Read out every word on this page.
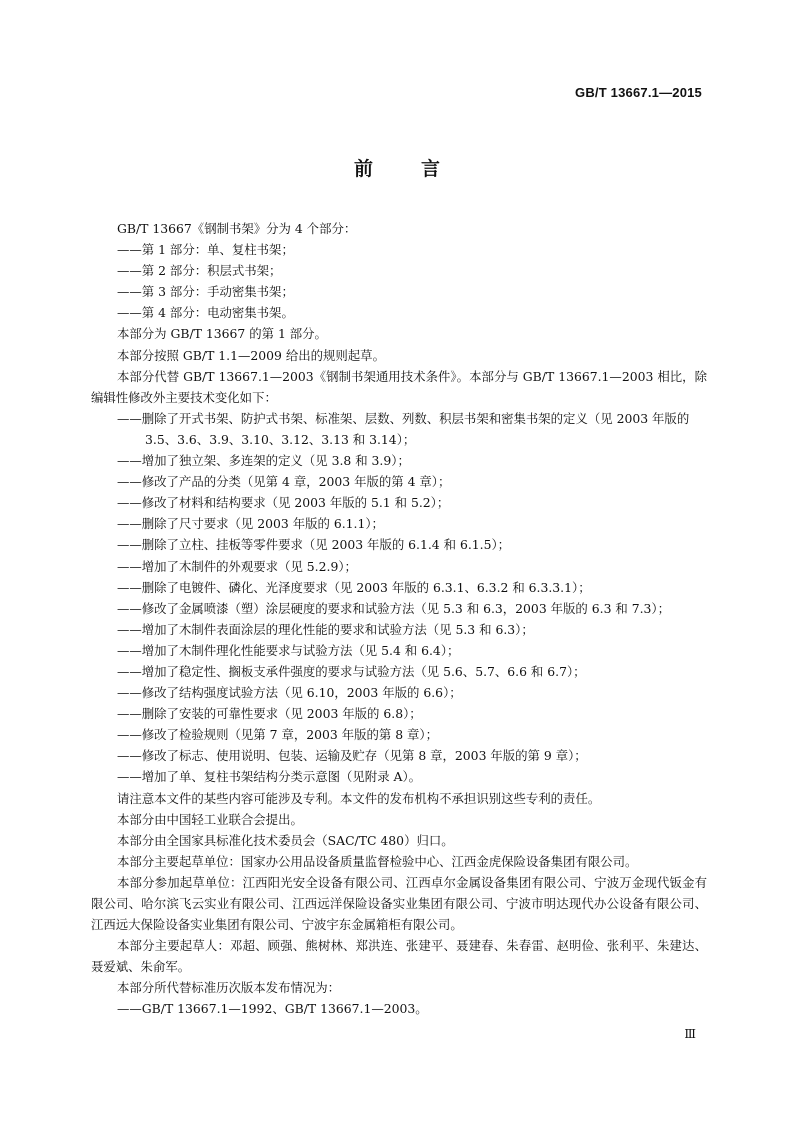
GB/T 13667.1—2015
前言

GB/T 13667《钢制书架》分为 4 个部分：

——第 1 部分：单、复柱书架；

——第 2 部分：积层式书架；

——第 3 部分：手动密集书架；

——第 4 部分：电动密集书架。

本部分为 GB/T 13667 的第 1 部分。

本部分按照 GB/T 1.1—2009 给出的规则起草。

本部分代替 GB/T 13667.1—2003《钢制书架通用技术条件》。本部分与 GB/T 13667.1—2003 相比，除编辑性修改外主要技术变化如下：

——删除了开式书架、防护式书架、标准架、层数、列数、积层书架和密集书架的定义（见 2003 年版的 3.5、3.6、3.9、3.10、3.12、3.13 和 3.14）；

——增加了独立架、多连架的定义（见 3.8 和 3.9）；

——修改了产品的分类（见第 4 章，2003 年版的第 4 章）；

——修改了材料和结构要求（见 2003 年版的 5.1 和 5.2）；

——删除了尺寸要求（见 2003 年版的 6.1.1）；

——删除了立柱、挂板等零件要求（见 2003 年版的 6.1.4 和 6.1.5）；

——增加了木制件的外观要求（见 5.2.9）；

——删除了电镀件、磷化、光泽度要求（见 2003 年版的 6.3.1、6.3.2 和 6.3.3.1）；

——修改了金属喷漆（塑）涂层硬度的要求和试验方法（见 5.3 和 6.3，2003 年版的 6.3 和 7.3）；

——增加了木制件表面涂层的理化性能的要求和试验方法（见 5.3 和 6.3）；

——增加了木制件理化性能要求与试验方法（见 5.4 和 6.4）；

——增加了稳定性、搁板支承件强度的要求与试验方法（见 5.6、5.7、6.6 和 6.7）；

——修改了结构强度试验方法（见 6.10，2003 年版的 6.6）；

——删除了安装的可靠性要求（见 2003 年版的 6.8）；

——修改了检验规则（见第 7 章，2003 年版的第 8 章）；

——修改了标志、使用说明、包装、运输及贮存（见第 8 章，2003 年版的第 9 章）；

——增加了单、复柱书架结构分类示意图（见附录 A）。

请注意本文件的某些内容可能涉及专利。本文件的发布机构不承担识别这些专利的责任。

本部分由中国轻工业联合会提出。

本部分由全国家具标准化技术委员会（SAC/TC 480）归口。

本部分主要起草单位：国家办公用品设备质量监督检验中心、江西金虎保险设备集团有限公司。

本部分参加起草单位：江西阳光安全设备有限公司、江西卓尔金属设备集团有限公司、宁波万金现代钣金有限公司、哈尔滨飞云实业有限公司、江西远洋保险设备实业集团有限公司、宁波市明达现代办公设备有限公司、江西远大保险设备实业集团有限公司、宁波宇东金属箱柜有限公司。

本部分主要起草人：邓超、顾强、熊树林、郑洪连、张建平、聂建春、朱春雷、赵明俭、张利平、朱建达、聂爱斌、朱俞军。

本部分所代替标准历次版本发布情况为：

——GB/T 13667.1—1992、GB/T 13667.1—2003。

Ⅲ
